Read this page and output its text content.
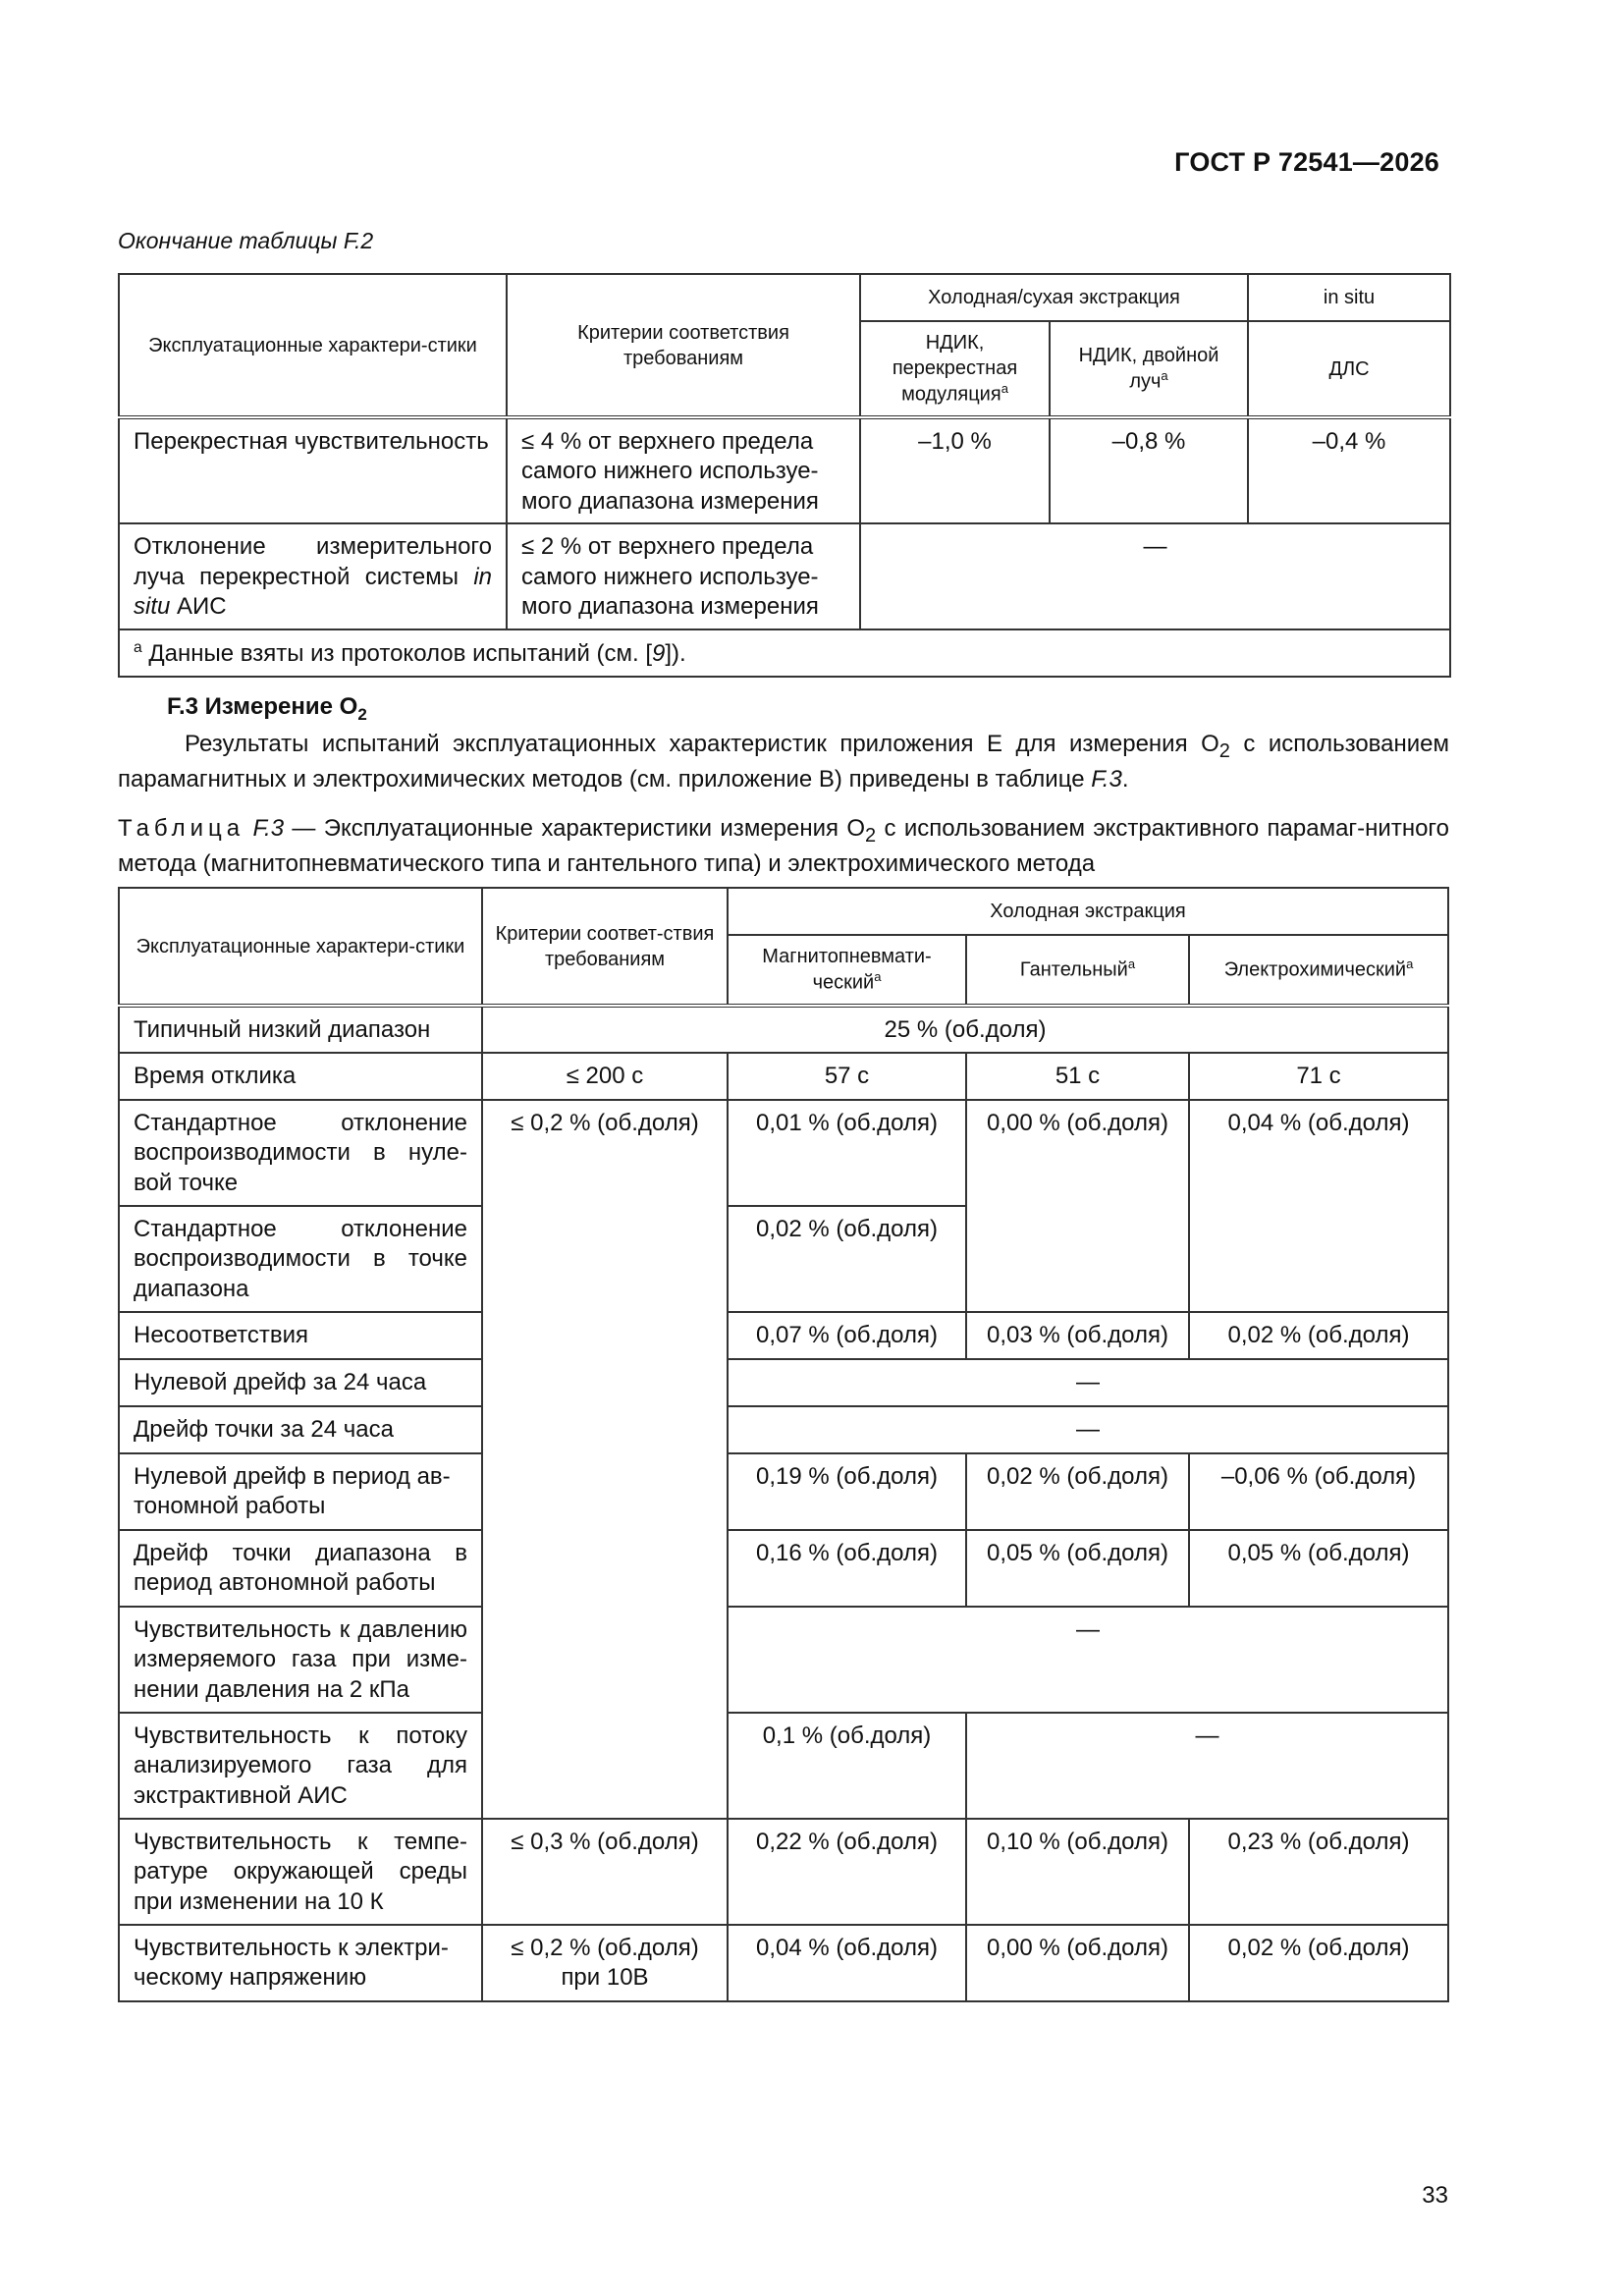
ГОСТ Р 72541—2026
Окончание таблицы F.2
Эксплуатационные характери-стики	Критерии соответствия требованиям	Холодная/сухая экстракция		in situ
		НДИК, перекрестная модуляция$^a$	НДИК, двойной луч$^a$	ДЛС
Перекрестная чувствительность	≤ 4 % от верхнего предела самого нижнего используе-мого диапазона измерения	–1,0 %	–0,8 %	–0,4 %
Отклонение измерительного луча перекрестной системы in situ АИС	≤ 2 % от верхнего предела самого нижнего используе-мого диапазона измерения	—		
$^a$ Данные взяты из протоколов испытаний (см. [9]).				
F.3 Измерение $O_2$
Результаты испытаний эксплуатационных характеристик приложения Е для измерения $O_2$ с использованием парамагнитных и электрохимических методов (см. приложение В) приведены в таблице F.3.
Таблица F.3 — Эксплуатационные характеристики измерения $O_2$ с использованием экстрактивного парамаг-нитного метода (магнитопневматического типа и гантельного типа) и электрохимического метода
Эксплуатационные характери-стики	Критерии соответ-ствия требованиям	Холодная экстракция		
		Магнитопневмати-ческий$^a$	Гантельный$^a$	Электрохимический$^a$
Типичный низкий диапазон	25 % (об.доля)			
Время отклика	≤ 200 с	57 с	51 с	71 с
Стандартное отклонение воспроизводимости в нуле-вой точке	≤ 0,2 % (об.доля)	0,01 % (об.доля)	0,00 % (об.доля)	0,04 % (об.доля)
Стандартное отклонение воспроизводимости в точке диапазона		0,02 % (об.доля)		
Несоответствия		0,07 % (об.доля)	0,03 % (об.доля)	0,02 % (об.доля)
Нулевой дрейф за 24 часа		—		
Дрейф точки за 24 часа		—		
Нулевой дрейф в период ав-тономной работы		0,19 % (об.доля)	0,02 % (об.доля)	–0,06 % (об.доля)
Дрейф точки диапазона в период автономной работы		0,16 % (об.доля)	0,05 % (об.доля)	0,05 % (об.доля)
Чувствительность к давлению измеряемого газа при изме-нении давления на 2 кПа		—		
Чувствительность к потоку анализируемого газа для экстрактивной АИС		0,1 % (об.доля)	—	
Чувствительность к темпе-ратуре окружающей среды при изменении на 10 К	≤ 0,3 % (об.доля)	0,22 % (об.доля)	0,10 % (об.доля)	0,23 % (об.доля)
Чувствительность к электри-ческому напряжению	≤ 0,2 % (об.доля) при 10В	0,04 % (об.доля)	0,00 % (об.доля)	0,02 % (об.доля)
33
